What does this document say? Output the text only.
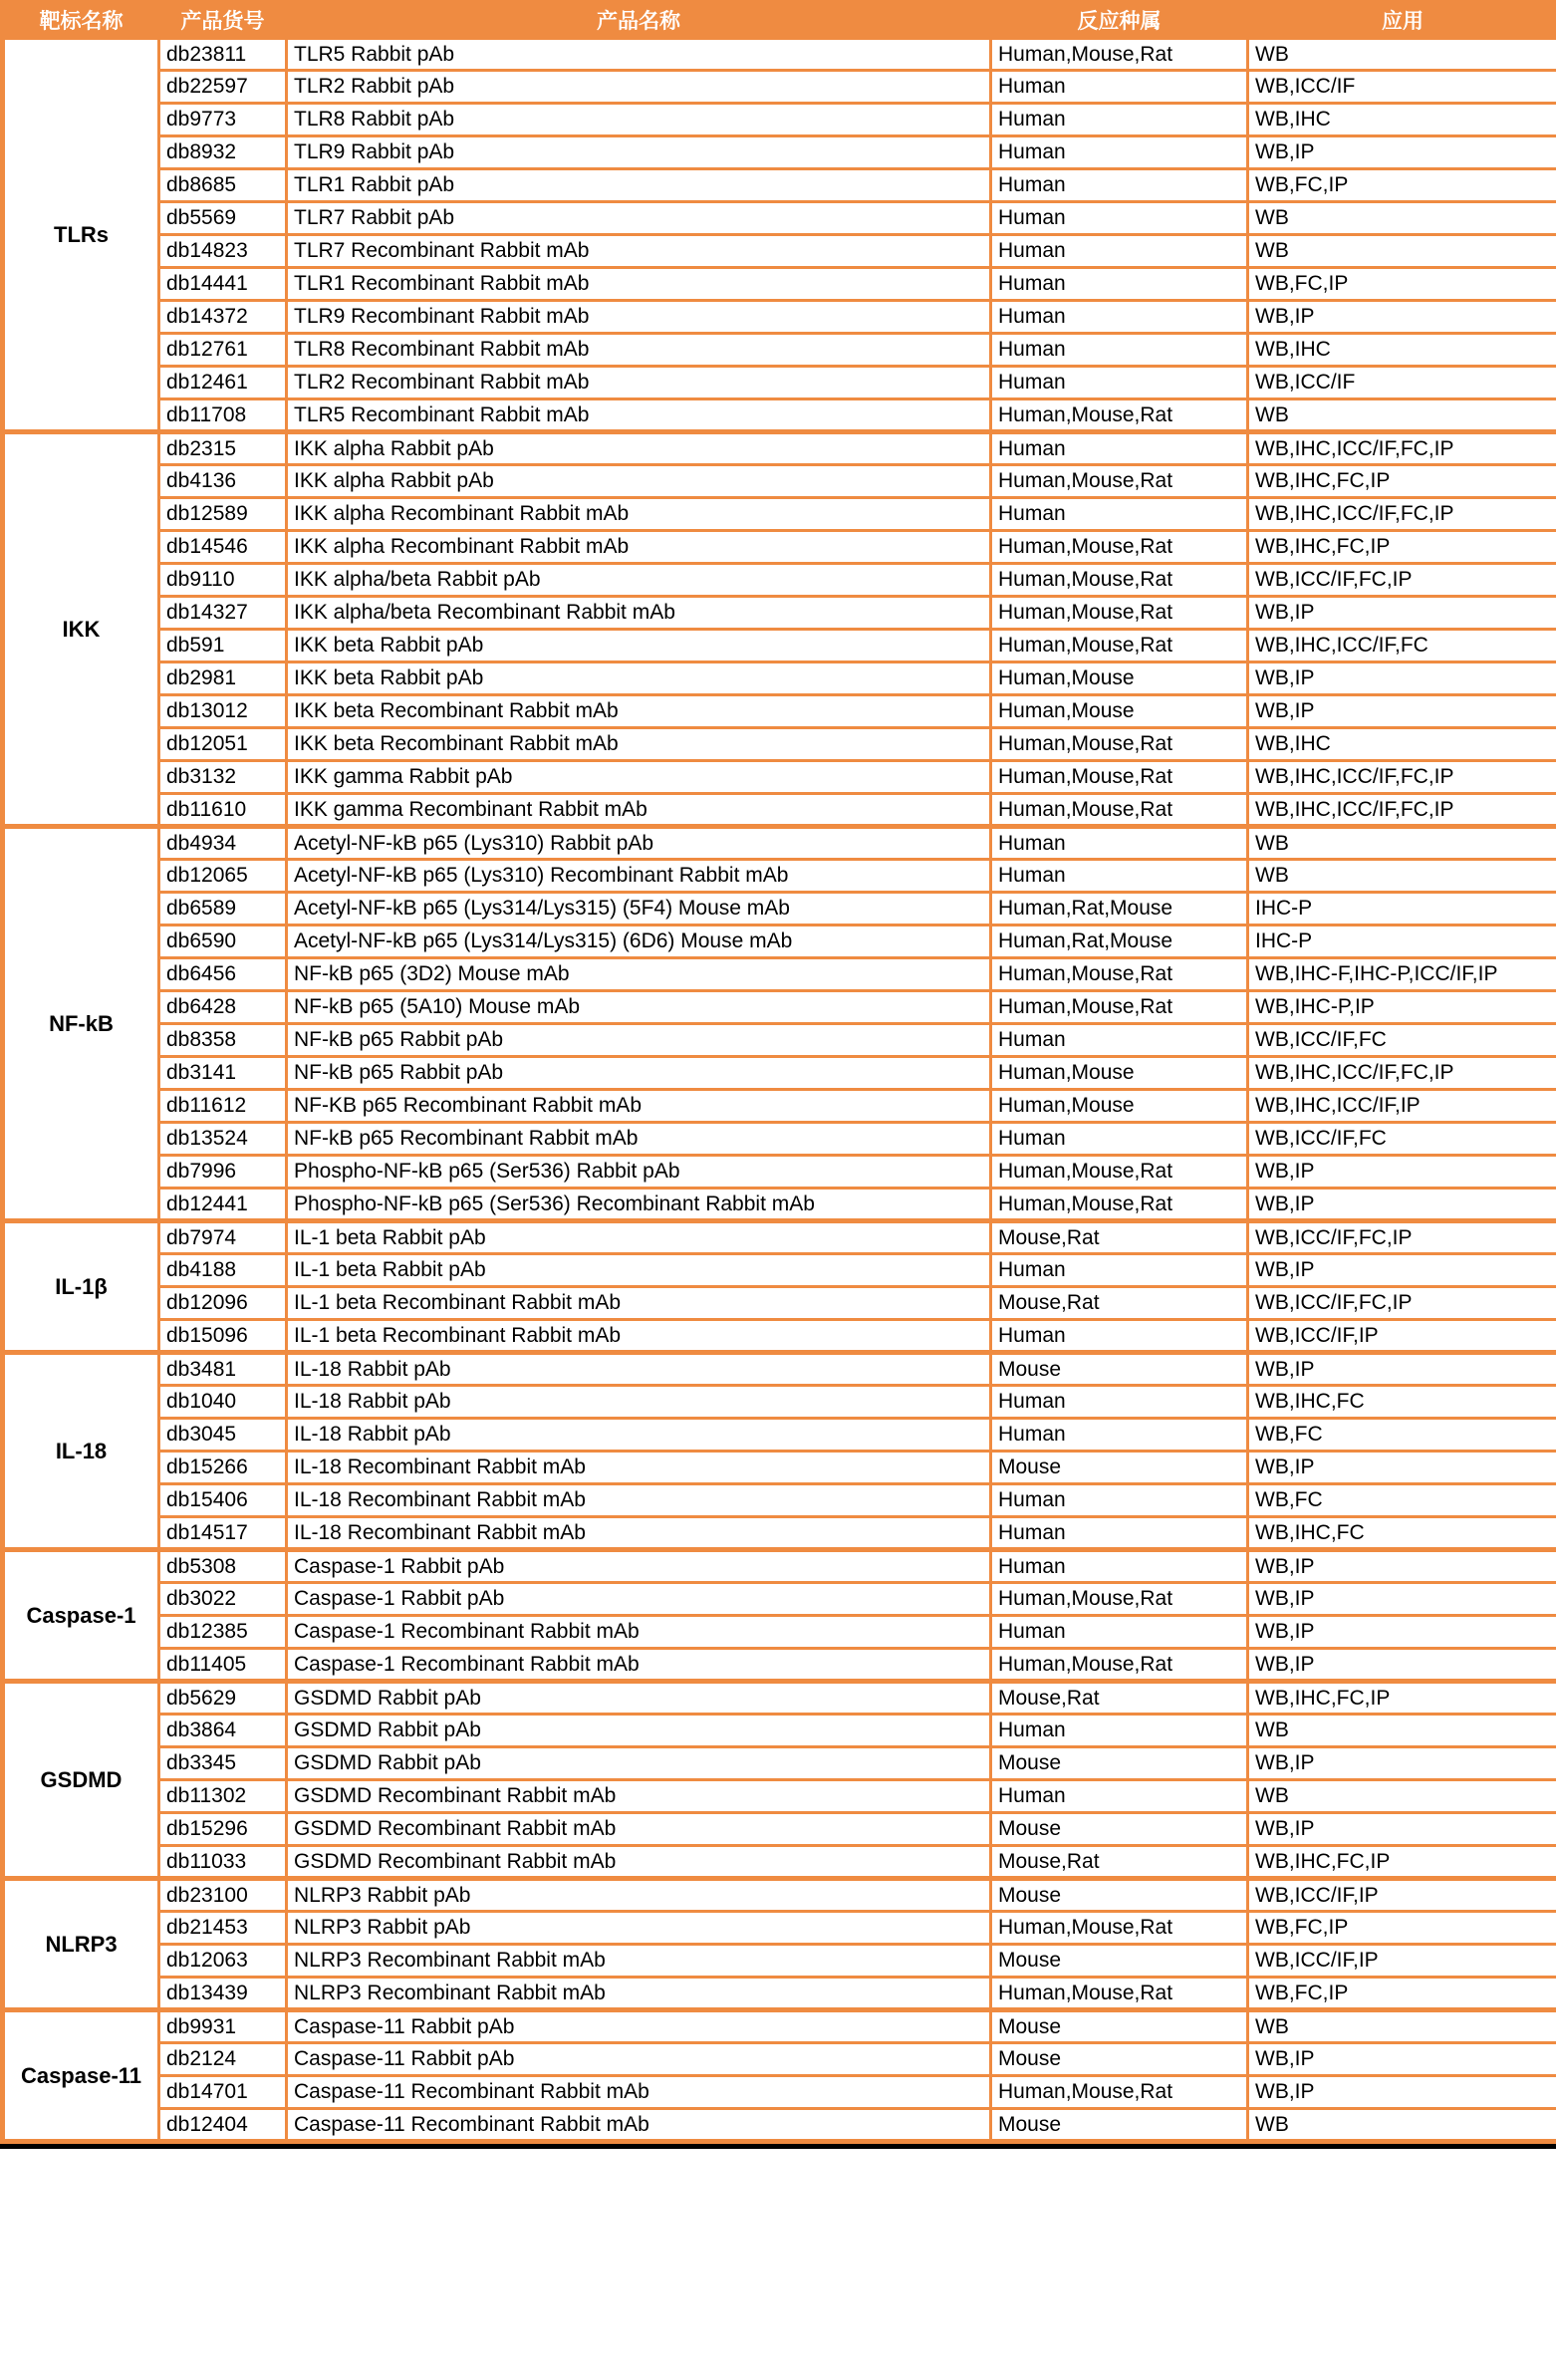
靶标名称	产品货号	产品名称	反应种属	应用
TLRs	db23811	TLR5 Rabbit pAb	Human,Mouse,Rat	WB
	db22597	TLR2 Rabbit pAb	Human	WB,ICC/IF
	db9773	TLR8 Rabbit pAb	Human	WB,IHC
	db8932	TLR9 Rabbit pAb	Human	WB,IP
	db8685	TLR1 Rabbit pAb	Human	WB,FC,IP
	db5569	TLR7 Rabbit pAb	Human	WB
	db14823	TLR7 Recombinant Rabbit mAb	Human	WB
	db14441	TLR1 Recombinant Rabbit mAb	Human	WB,FC,IP
	db14372	TLR9 Recombinant Rabbit mAb	Human	WB,IP
	db12761	TLR8 Recombinant Rabbit mAb	Human	WB,IHC
	db12461	TLR2 Recombinant Rabbit mAb	Human	WB,ICC/IF
	db11708	TLR5 Recombinant Rabbit mAb	Human,Mouse,Rat	WB
IKK	db2315	IKK alpha Rabbit pAb	Human	WB,IHC,ICC/IF,FC,IP
	db4136	IKK alpha Rabbit pAb	Human,Mouse,Rat	WB,IHC,FC,IP
	db12589	IKK alpha Recombinant Rabbit mAb	Human	WB,IHC,ICC/IF,FC,IP
	db14546	IKK alpha Recombinant Rabbit mAb	Human,Mouse,Rat	WB,IHC,FC,IP
	db9110	IKK alpha/beta Rabbit pAb	Human,Mouse,Rat	WB,ICC/IF,FC,IP
	db14327	IKK alpha/beta Recombinant Rabbit mAb	Human,Mouse,Rat	WB,IP
	db591	IKK beta Rabbit pAb	Human,Mouse,Rat	WB,IHC,ICC/IF,FC
	db2981	IKK beta Rabbit pAb	Human,Mouse	WB,IP
	db13012	IKK beta Recombinant Rabbit mAb	Human,Mouse	WB,IP
	db12051	IKK beta Recombinant Rabbit mAb	Human,Mouse,Rat	WB,IHC
	db3132	IKK gamma Rabbit pAb	Human,Mouse,Rat	WB,IHC,ICC/IF,FC,IP
	db11610	IKK gamma Recombinant Rabbit mAb	Human,Mouse,Rat	WB,IHC,ICC/IF,FC,IP
NF-kB	db4934	Acetyl-NF-kB p65 (Lys310) Rabbit pAb	Human	WB
	db12065	Acetyl-NF-kB p65 (Lys310) Recombinant Rabbit mAb	Human	WB
	db6589	Acetyl-NF-kB p65 (Lys314/Lys315) (5F4) Mouse mAb	Human,Rat,Mouse	IHC-P
	db6590	Acetyl-NF-kB p65 (Lys314/Lys315) (6D6) Mouse mAb	Human,Rat,Mouse	IHC-P
	db6456	NF-kB p65 (3D2) Mouse mAb	Human,Mouse,Rat	WB,IHC-F,IHC-P,ICC/IF,IP
	db6428	NF-kB p65 (5A10) Mouse mAb	Human,Mouse,Rat	WB,IHC-P,IP
	db8358	NF-kB p65 Rabbit pAb	Human	WB,ICC/IF,FC
	db3141	NF-kB p65 Rabbit pAb	Human,Mouse	WB,IHC,ICC/IF,FC,IP
	db11612	NF-KB p65 Recombinant Rabbit mAb	Human,Mouse	WB,IHC,ICC/IF,IP
	db13524	NF-kB p65 Recombinant Rabbit mAb	Human	WB,ICC/IF,FC
	db7996	Phospho-NF-kB p65 (Ser536) Rabbit pAb	Human,Mouse,Rat	WB,IP
	db12441	Phospho-NF-kB p65 (Ser536) Recombinant Rabbit mAb	Human,Mouse,Rat	WB,IP
IL-1β	db7974	IL-1 beta Rabbit pAb	Mouse,Rat	WB,ICC/IF,FC,IP
	db4188	IL-1 beta Rabbit pAb	Human	WB,IP
	db12096	IL-1 beta Recombinant Rabbit mAb	Mouse,Rat	WB,ICC/IF,FC,IP
	db15096	IL-1 beta Recombinant Rabbit mAb	Human	WB,ICC/IF,IP
IL-18	db3481	IL-18 Rabbit pAb	Mouse	WB,IP
	db1040	IL-18 Rabbit pAb	Human	WB,IHC,FC
	db3045	IL-18 Rabbit pAb	Human	WB,FC
	db15266	IL-18 Recombinant Rabbit mAb	Mouse	WB,IP
	db15406	IL-18 Recombinant Rabbit mAb	Human	WB,FC
	db14517	IL-18 Recombinant Rabbit mAb	Human	WB,IHC,FC
Caspase-1	db5308	Caspase-1 Rabbit pAb	Human	WB,IP
	db3022	Caspase-1 Rabbit pAb	Human,Mouse,Rat	WB,IP
	db12385	Caspase-1 Recombinant Rabbit mAb	Human	WB,IP
	db11405	Caspase-1 Recombinant Rabbit mAb	Human,Mouse,Rat	WB,IP
GSDMD	db5629	GSDMD Rabbit pAb	Mouse,Rat	WB,IHC,FC,IP
	db3864	GSDMD Rabbit pAb	Human	WB
	db3345	GSDMD Rabbit pAb	Mouse	WB,IP
	db11302	GSDMD Recombinant Rabbit mAb	Human	WB
	db15296	GSDMD Recombinant Rabbit mAb	Mouse	WB,IP
	db11033	GSDMD Recombinant Rabbit mAb	Mouse,Rat	WB,IHC,FC,IP
NLRP3	db23100	NLRP3 Rabbit pAb	Mouse	WB,ICC/IF,IP
	db21453	NLRP3 Rabbit pAb	Human,Mouse,Rat	WB,FC,IP
	db12063	NLRP3 Recombinant Rabbit mAb	Mouse	WB,ICC/IF,IP
	db13439	NLRP3 Recombinant Rabbit mAb	Human,Mouse,Rat	WB,FC,IP
Caspase-11	db9931	Caspase-11 Rabbit pAb	Mouse	WB
	db2124	Caspase-11 Rabbit pAb	Mouse	WB,IP
	db14701	Caspase-11 Recombinant Rabbit mAb	Human,Mouse,Rat	WB,IP
	db12404	Caspase-11 Recombinant Rabbit mAb	Mouse	WB
